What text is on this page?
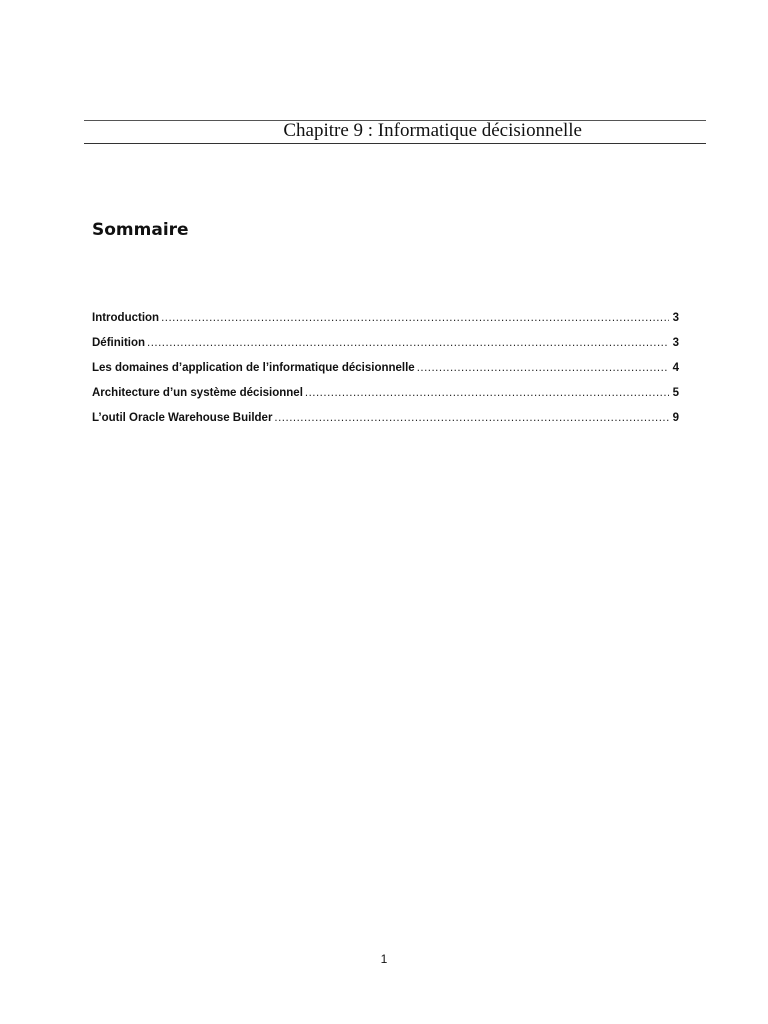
Chapitre 9 : Informatique décisionnelle
Sommaire
Introduction .....	3
Définition .....	3
Les domaines d’application de l’informatique décisionnelle .....	4
Architecture d’un système décisionnel .....	5
L’outil Oracle Warehouse Builder .....	9
1
